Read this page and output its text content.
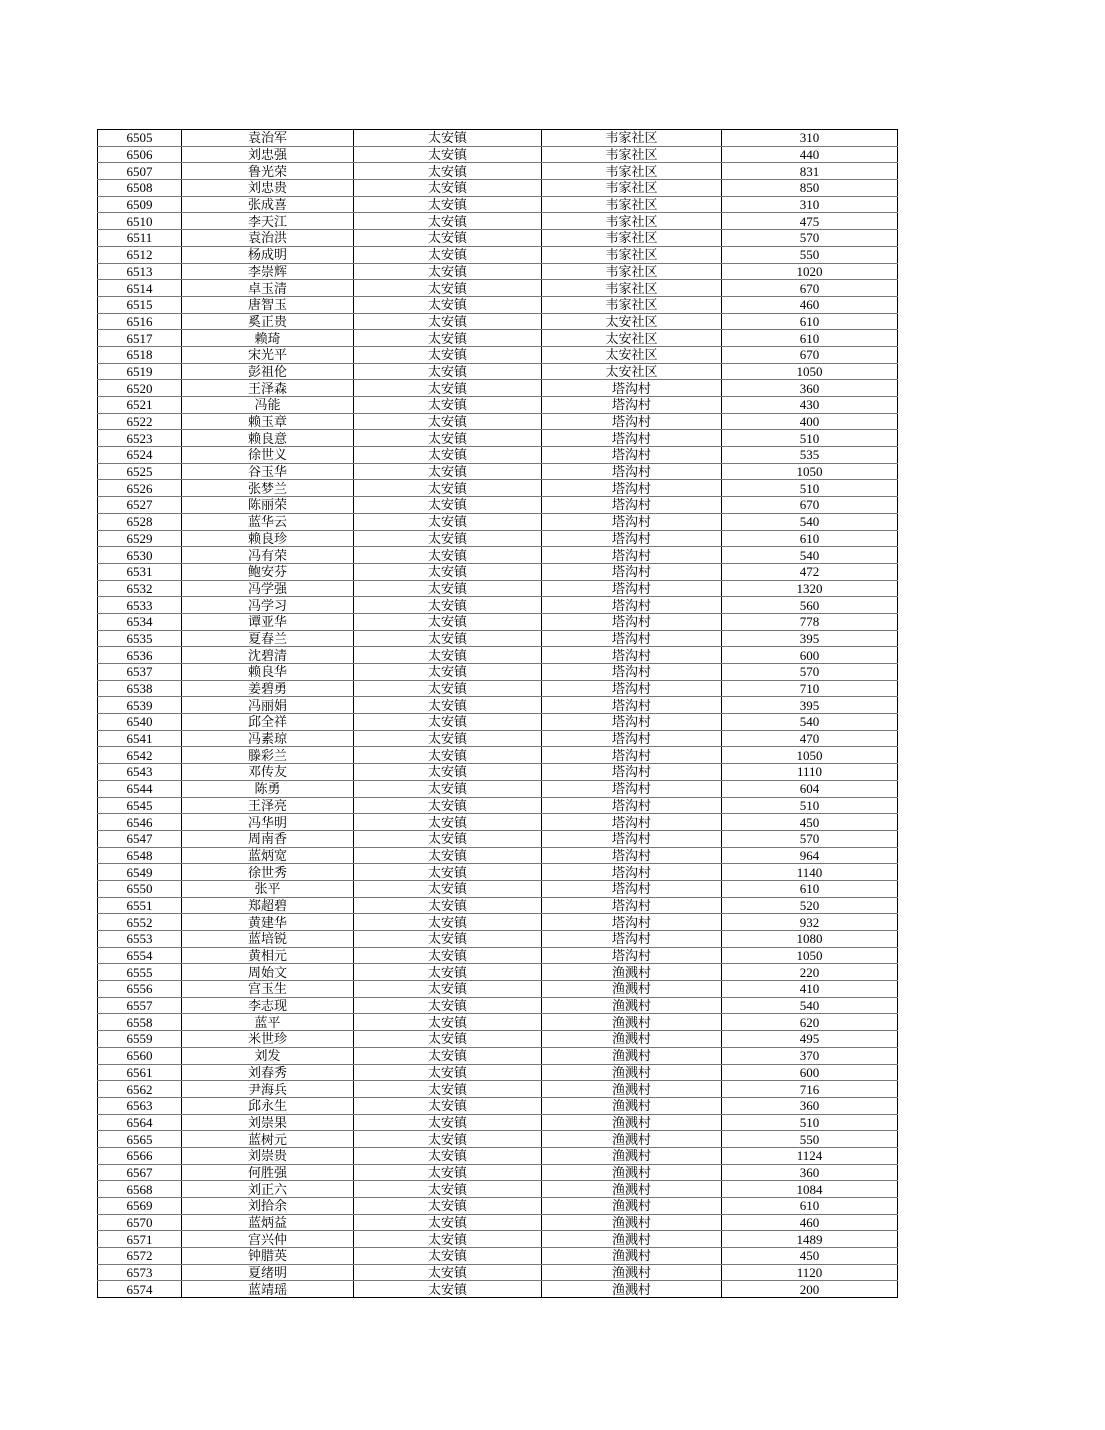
6505	袁治军	太安镇	韦家社区	310
6506	刘忠强	太安镇	韦家社区	440
6507	鲁光荣	太安镇	韦家社区	831
6508	刘忠贵	太安镇	韦家社区	850
6509	张成喜	太安镇	韦家社区	310
6510	李天江	太安镇	韦家社区	475
6511	袁治洪	太安镇	韦家社区	570
6512	杨成明	太安镇	韦家社区	550
6513	李崇辉	太安镇	韦家社区	1020
6514	卓玉清	太安镇	韦家社区	670
6515	唐智玉	太安镇	韦家社区	460
6516	奚正贵	太安镇	太安社区	610
6517	赖琦	太安镇	太安社区	610
6518	宋光平	太安镇	太安社区	670
6519	彭祖伦	太安镇	太安社区	1050
6520	王泽森	太安镇	塔沟村	360
6521	冯能	太安镇	塔沟村	430
6522	赖玉章	太安镇	塔沟村	400
6523	赖良意	太安镇	塔沟村	510
6524	徐世义	太安镇	塔沟村	535
6525	谷玉华	太安镇	塔沟村	1050
6526	张梦兰	太安镇	塔沟村	510
6527	陈丽荣	太安镇	塔沟村	670
6528	蓝华云	太安镇	塔沟村	540
6529	赖良珍	太安镇	塔沟村	610
6530	冯有荣	太安镇	塔沟村	540
6531	鲍安芬	太安镇	塔沟村	472
6532	冯学强	太安镇	塔沟村	1320
6533	冯学习	太安镇	塔沟村	560
6534	谭亚华	太安镇	塔沟村	778
6535	夏春兰	太安镇	塔沟村	395
6536	沈碧清	太安镇	塔沟村	600
6537	赖良华	太安镇	塔沟村	570
6538	姜碧勇	太安镇	塔沟村	710
6539	冯丽娟	太安镇	塔沟村	395
6540	邱全祥	太安镇	塔沟村	540
6541	冯素琼	太安镇	塔沟村	470
6542	滕彩兰	太安镇	塔沟村	1050
6543	邓传友	太安镇	塔沟村	1110
6544	陈勇	太安镇	塔沟村	604
6545	王泽亮	太安镇	塔沟村	510
6546	冯华明	太安镇	塔沟村	450
6547	周南香	太安镇	塔沟村	570
6548	蓝炳宽	太安镇	塔沟村	964
6549	徐世秀	太安镇	塔沟村	1140
6550	张平	太安镇	塔沟村	610
6551	郑超碧	太安镇	塔沟村	520
6552	黄建华	太安镇	塔沟村	932
6553	蓝培锐	太安镇	塔沟村	1080
6554	黄相元	太安镇	塔沟村	1050
6555	周始文	太安镇	渔溅村	220
6556	宫玉生	太安镇	渔溅村	410
6557	李志现	太安镇	渔溅村	540
6558	蓝平	太安镇	渔溅村	620
6559	米世珍	太安镇	渔溅村	495
6560	刘发	太安镇	渔溅村	370
6561	刘春秀	太安镇	渔溅村	600
6562	尹海兵	太安镇	渔溅村	716
6563	邱永生	太安镇	渔溅村	360
6564	刘崇果	太安镇	渔溅村	510
6565	蓝树元	太安镇	渔溅村	550
6566	刘崇贵	太安镇	渔溅村	1124
6567	何胜强	太安镇	渔溅村	360
6568	刘正六	太安镇	渔溅村	1084
6569	刘拾余	太安镇	渔溅村	610
6570	蓝炳益	太安镇	渔溅村	460
6571	宫兴仲	太安镇	渔溅村	1489
6572	钟腊英	太安镇	渔溅村	450
6573	夏绪明	太安镇	渔溅村	1120
6574	蓝靖瑶	太安镇	渔溅村	200
